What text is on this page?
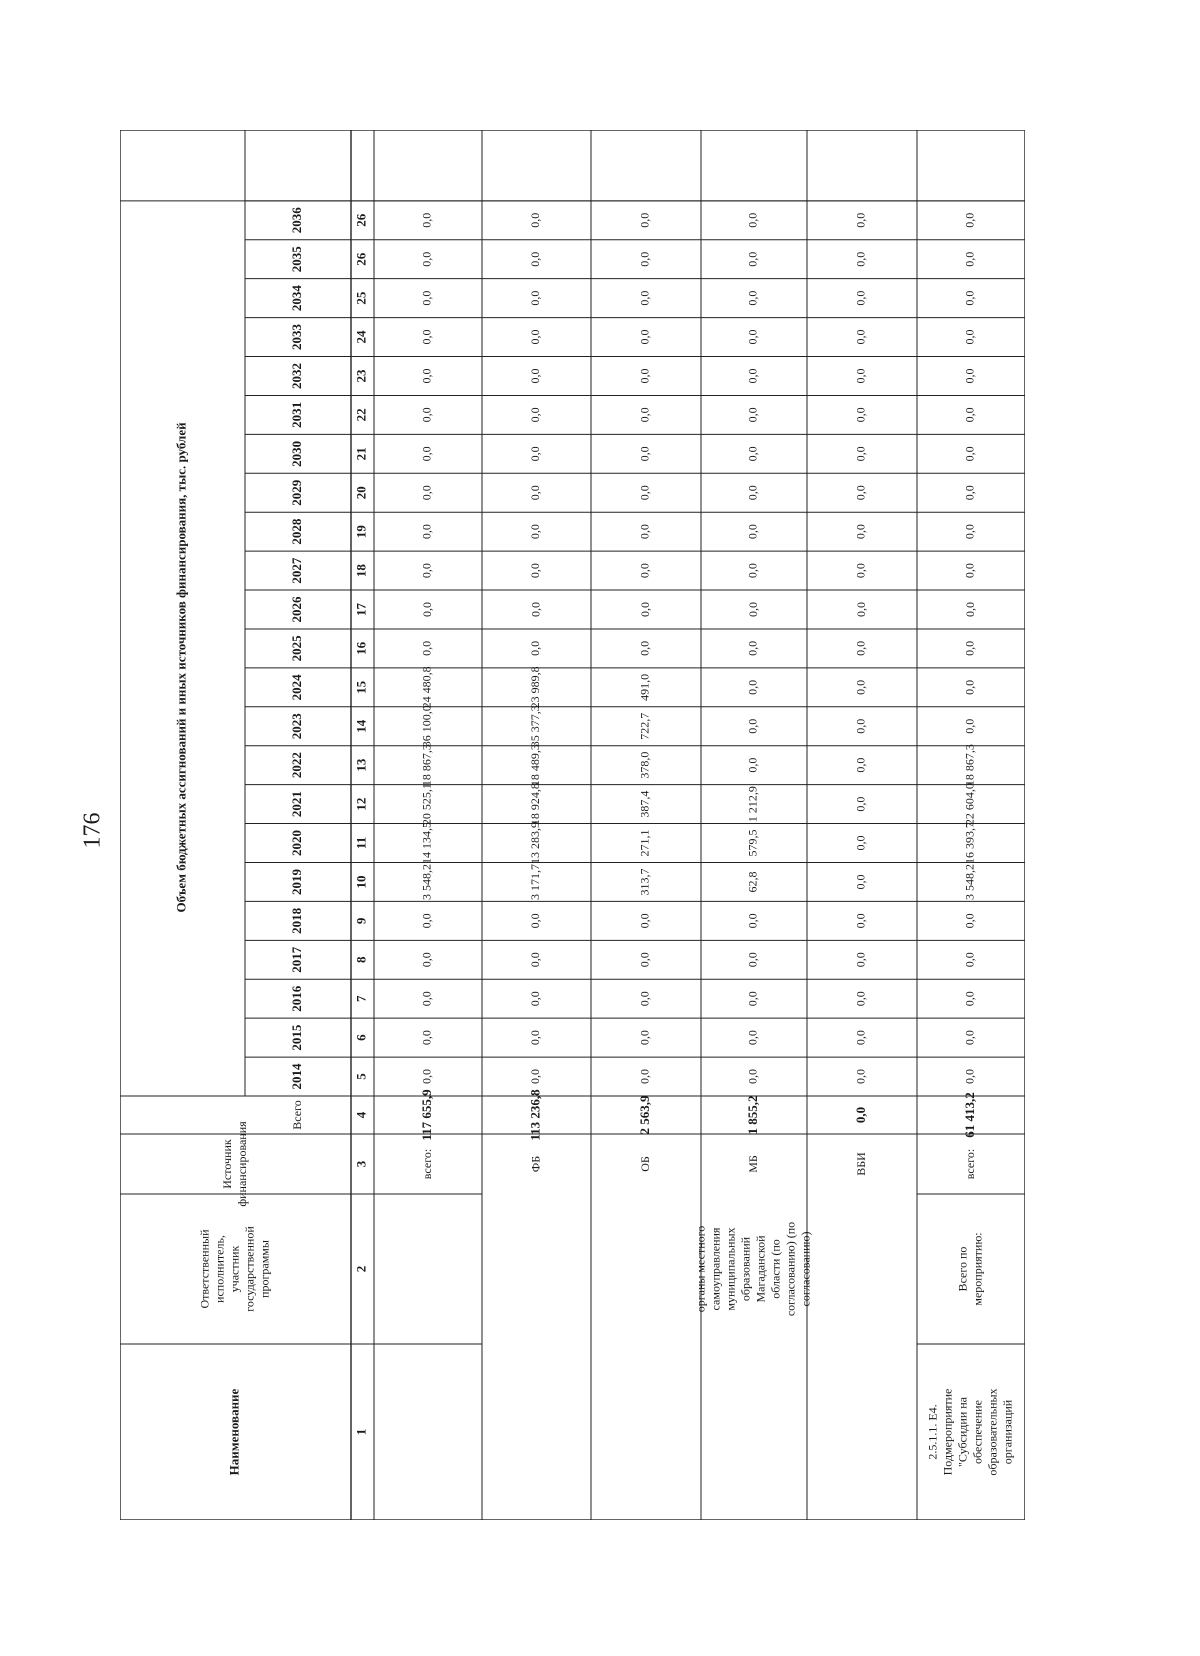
176
1
2
3
4
5
6
7
8
9
10
11
12
13
14
15
16
17
18
19
20
21
22
23
24
25
26
26
Наименование
Ответственный исполнитель, участник государственной программы
Источник финансирования
Всего
Объем бюджетных ассигнований и иных источников финансирования, тыс. рублей
2014
2015
2016
2017
2018
2019
2020
2021
2022
2023
2024
2025
2026
2027
2028
2029
2030
2031
2032
2033
2034
2035
2036
органы местного самоуправления муниципальных образований Магаданской области (по согласованию) (по согласованию)
2.5.1.1. Е4. Подмероприятие "Субсидии на обеспечение образовательных организаций
Всего по мероприятию:
всего:
117 655,9
0,0
0,0
0,0
0,0
0,0
3 548,2
14 134,5
20 525,1
18 867,3
36 100,0
24 480,8
0,0
0,0
0,0
0,0
0,0
0,0
0,0
0,0
0,0
0,0
0,0
0,0
ФБ
113 236,8
0,0
0,0
0,0
0,0
0,0
3 171,7
13 283,9
18 924,8
18 489,3
35 377,3
23 989,8
0,0
0,0
0,0
0,0
0,0
0,0
0,0
0,0
0,0
0,0
0,0
0,0
ОБ
2 563,9
0,0
0,0
0,0
0,0
0,0
313,7
271,1
387,4
378,0
722,7
491,0
0,0
0,0
0,0
0,0
0,0
0,0
0,0
0,0
0,0
0,0
0,0
0,0
МБ
1 855,2
0,0
0,0
0,0
0,0
0,0
62,8
579,5
1 212,9
0,0
0,0
0,0
0,0
0,0
0,0
0,0
0,0
0,0
0,0
0,0
0,0
0,0
0,0
0,0
ВБИ
0,0
0,0
0,0
0,0
0,0
0,0
0,0
0,0
0,0
0,0
0,0
0,0
0,0
0,0
0,0
0,0
0,0
0,0
0,0
0,0
0,0
0,0
0,0
0,0
всего:
61 413,2
0,0
0,0
0,0
0,0
0,0
3 548,2
16 393,7
22 604,0
18 867,3
0,0
0,0
0,0
0,0
0,0
0,0
0,0
0,0
0,0
0,0
0,0
0,0
0,0
0,0
